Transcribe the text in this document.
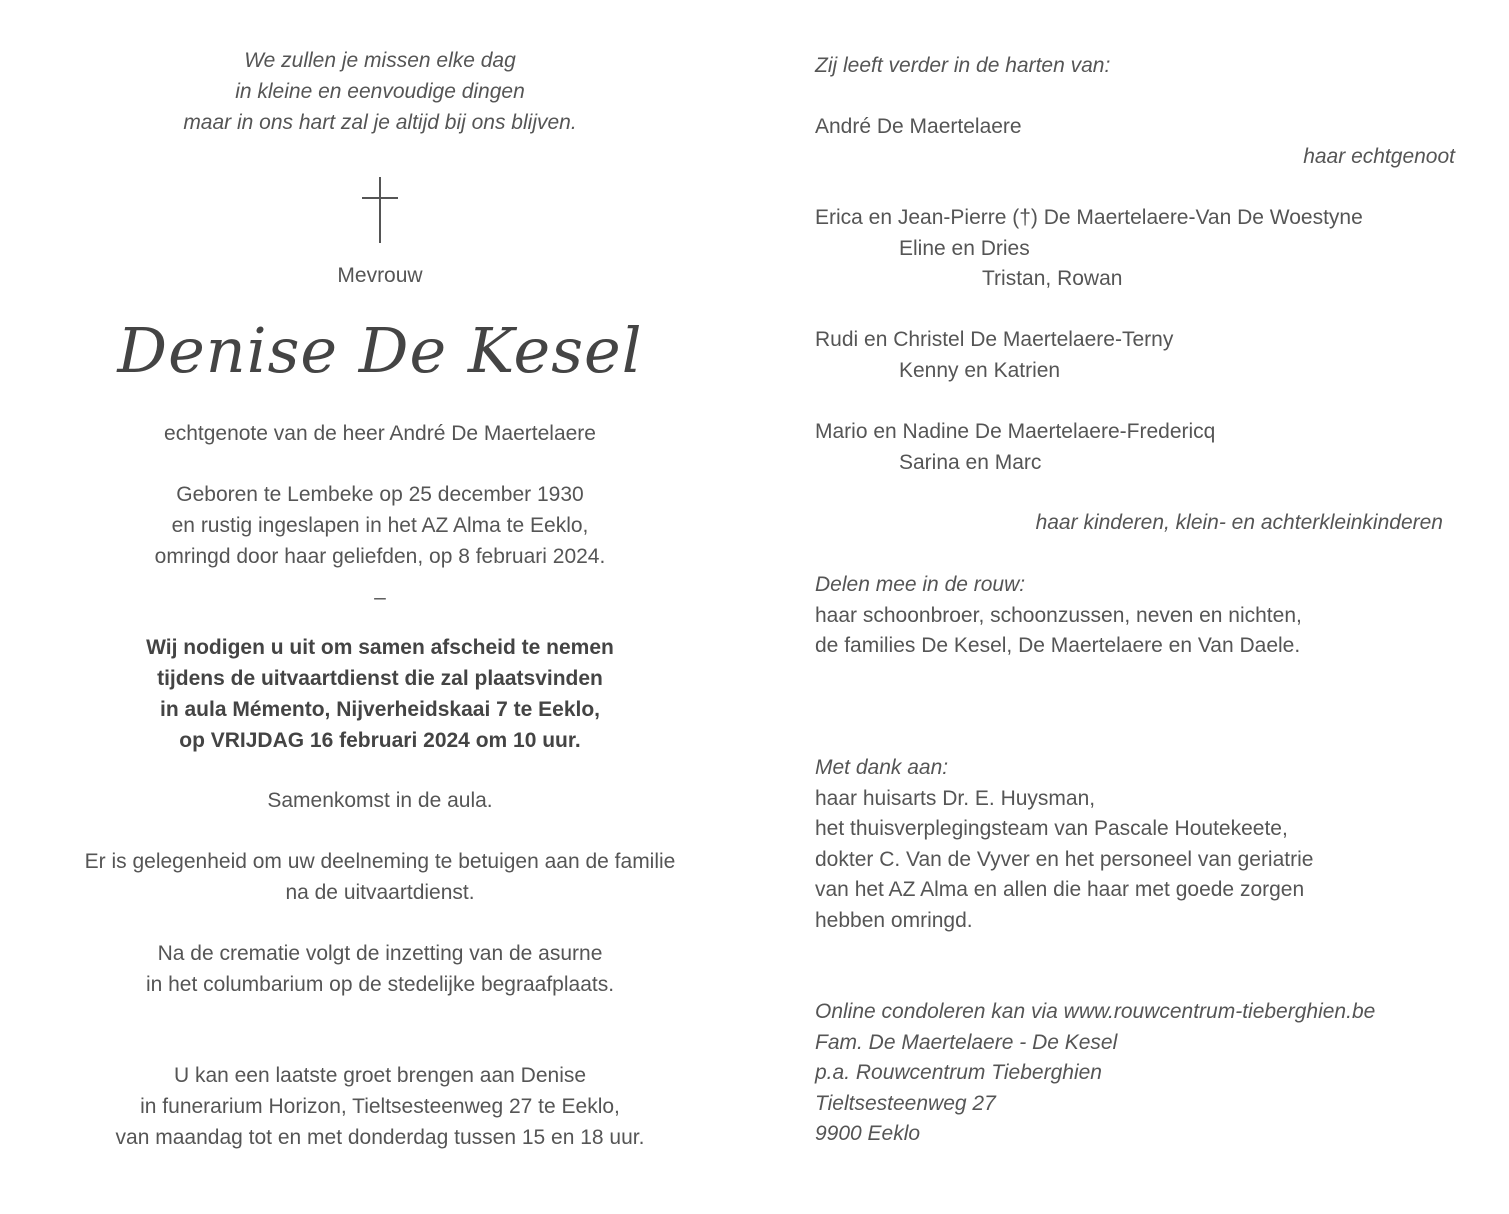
We zullen je missen elke dag
in kleine en eenvoudige dingen
maar in ons hart zal je altijd bij ons blijven.
Mevrouw
Denise De Kesel
echtgenote van de heer André De Maertelaere
Geboren te Lembeke op 25 december 1930
en rustig ingeslapen in het AZ Alma te Eeklo,
omringd door haar geliefden, op 8 februari 2024.
–
Wij nodigen u uit om samen afscheid te nemen
tijdens de uitvaartdienst die zal plaatsvinden
in aula Mémento, Nijverheidskaai 7 te Eeklo,
op VRIJDAG 16 februari 2024 om 10 uur.
Samenkomst in de aula.
Er is gelegenheid om uw deelneming te betuigen aan de familie
na de uitvaartdienst.
Na de crematie volgt de inzetting van de asurne
in het columbarium op de stedelijke begraafplaats.
U kan een laatste groet brengen aan Denise
in funerarium Horizon, Tieltsesteenweg 27 te Eeklo,
van maandag tot en met donderdag tussen 15 en 18 uur.
Zij leeft verder in de harten van:
André De Maertelaere
haar echtgenoot
Erica en Jean-Pierre (†) De Maertelaere-Van De Woestyne
Eline en Dries
Tristan, Rowan
Rudi en Christel De Maertelaere-Terny
Kenny en Katrien
Mario en Nadine De Maertelaere-Fredericq
Sarina en Marc
haar kinderen, klein- en achterkleinkinderen
Delen mee in de rouw:
haar schoonbroer, schoonzussen, neven en nichten,
de families De Kesel, De Maertelaere en Van Daele.
Met dank aan:
haar huisarts Dr. E. Huysman,
het thuisverplegingsteam van Pascale Houtekeete,
dokter C. Van de Vyver en het personeel van geriatrie
van het AZ Alma en allen die haar met goede zorgen
hebben omringd.
Online condoleren kan via www.rouwcentrum-tieberghien.be
Fam. De Maertelaere - De Kesel
p.a. Rouwcentrum Tieberghien
Tieltsesteenweg 27
9900 Eeklo
